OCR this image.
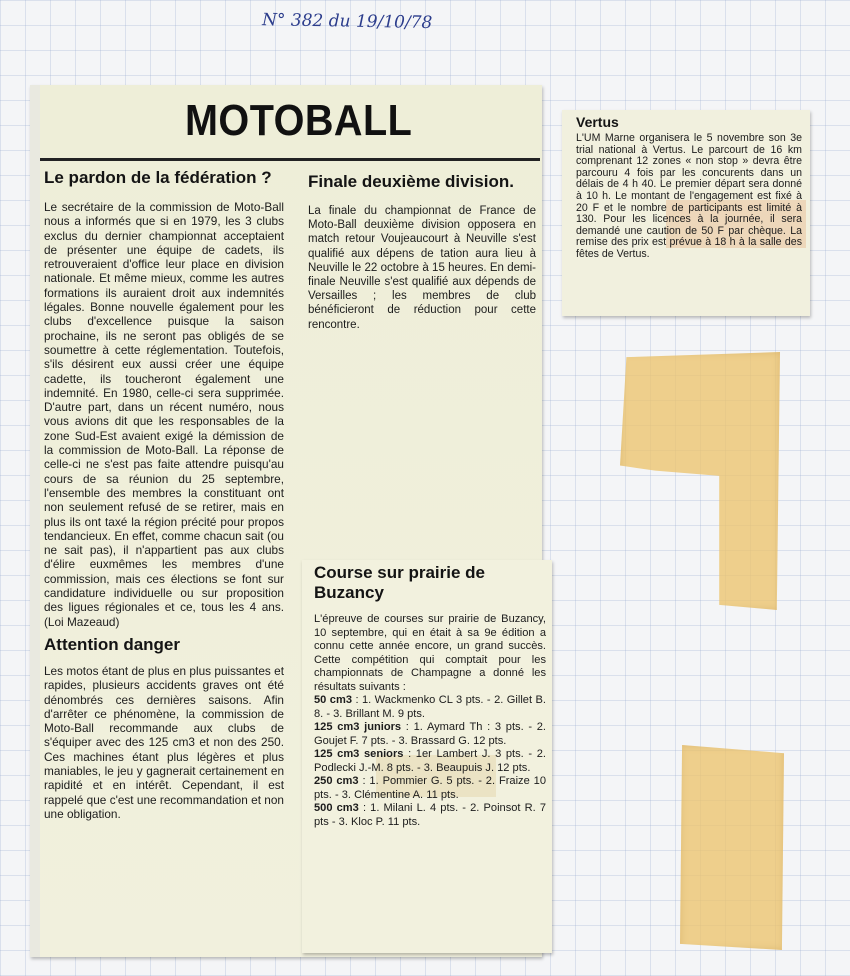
N° 382 du 19/10/78
MOTOBALL
Le pardon de la fédération ?

Le secrétaire de la commission de Moto-Ball nous a informés que si en 1979, les 3 clubs exclus du dernier championnat acceptaient de présenter une équipe de cadets, ils retrouveraient d'office leur place en division nationale. Et même mieux, comme les autres formations ils auraient droit aux indemnités légales. Bonne nouvelle également pour les clubs d'excellence puisque la saison prochaine, ils ne seront pas obligés de se soumettre à cette réglementation. Toutefois, s'ils désirent eux aussi créer une équipe cadette, ils toucheront également une indemnité. En 1980, celle-ci sera supprimée. D'autre part, dans un récent numéro, nous vous avions dit que les responsables de la zone Sud-Est avaient exigé la démission de la commission de Moto-Ball. La réponse de celle-ci ne s'est pas faite attendre puisqu'au cours de sa réunion du 25 septembre, l'ensemble des membres la constituant ont non seulement refusé de se retirer, mais en plus ils ont taxé la région précité pour propos tendancieux. En effet, comme chacun sait (ou ne sait pas), il n'appartient pas aux clubs d'élire euxmêmes les membres d'une commission, mais ces élections se font sur candidature individuelle ou sur proposition des ligues régionales et ce, tous les 4 ans. (Loi Mazeaud)

Attention danger

Les motos étant de plus en plus puissantes et rapides, plusieurs accidents graves ont été dénombrés ces dernières saisons. Afin d'arrêter ce phénomène, la commission de Moto-Ball recommande aux clubs de s'équiper avec des 125 cm3 et non des 250. Ces machines étant plus légères et plus maniables, le jeu y gagnerait certainement en rapidité et en intérêt. Cependant, il est rappelé que c'est une recommandation et non une obligation.

Finale deuxième division.

La finale du championnat de France de Moto-Ball deuxième division opposera en match retour Voujeaucourt à Neuville s'est qualifié aux dépens de tation aura lieu à Neuville le 22 octobre à 15 heures. En demi-finale Neuville s'est qualifié aux dépends de Versailles ; les membres de club bénéficieront de réduction pour cette rencontre.

Vertus

L'UM Marne organisera le 5 novembre son 3e trial national à Vertus. Le parcourt de 16 km comprenant 12 zones « non stop » devra être parcouru 4 fois par les concurents dans un délais de 4 h 40. Le premier départ sera donné à 10 h. Le montant de l'engagement est fixé à 20 F et le nombre de participants est limité à 130. Pour les licences à la journée, il sera demandé une caution de 50 F par chèque. La remise des prix est prévue à 18 h à la salle des fêtes de Vertus.

Course sur prairie de Buzancy

L'épreuve de courses sur prairie de Buzancy, 10 septembre, qui en était à sa 9e édition a connu cette année encore, un grand succès. Cette compétition qui comptait pour les championnats de Champagne a donné les résultats suivants :

50 cm3 : 1. Wackmenko CL 3 pts. - 2. Gillet B. 8. - 3. Brillant M. 9 pts.

125 cm3 juniors : 1. Aymard Th : 3 pts. - 2. Goujet F. 7 pts. - 3. Brassard G. 12 pts.

125 cm3 seniors : 1er Lambert J. 3 pts. - 2. Podlecki J.-M. 8 pts. - 3. Beaupuis J. 12 pts.

250 cm3 : 1. Pommier G. 5 pts. - 2. Fraize 10 pts. - 3. Clémentine A. 11 pts.

500 cm3 : 1. Milani L. 4 pts. - 2. Poinsot R. 7 pts - 3. Kloc P. 11 pts.
